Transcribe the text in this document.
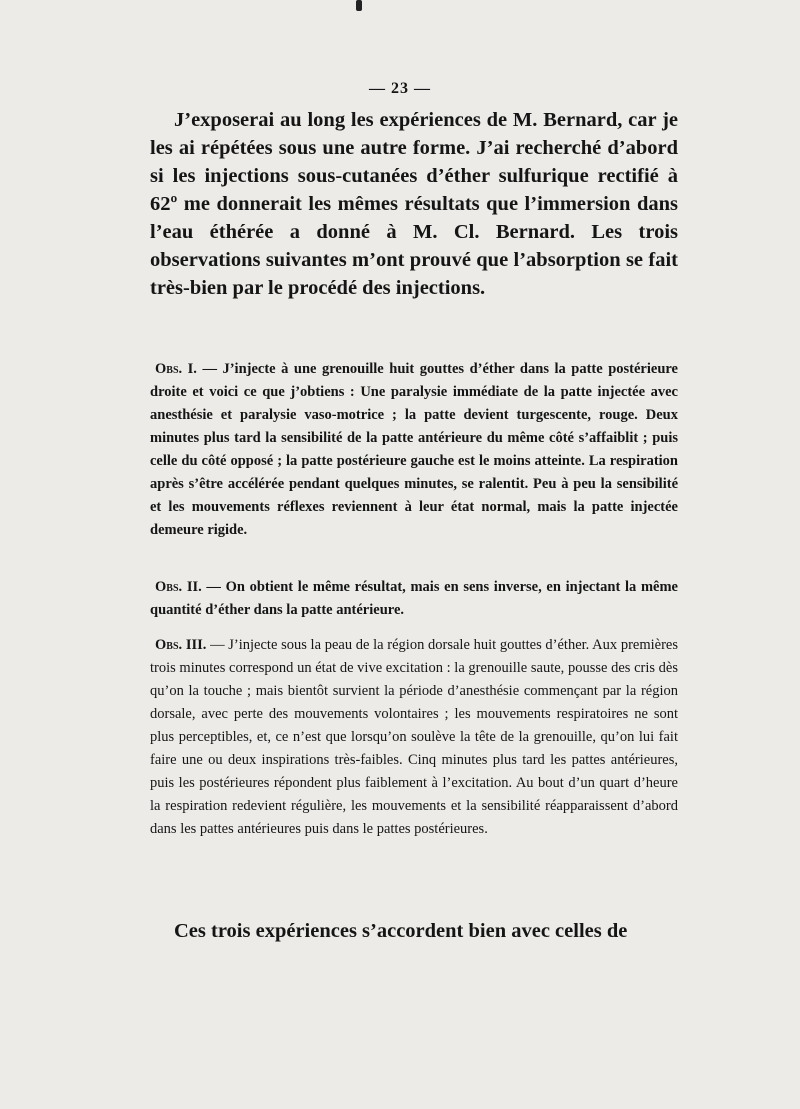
— 23 —

J’exposerai au long les expériences de M. Bernard, car je les ai répétées sous une autre forme. J’ai recherché d’abord si les injections sous-cutanées d’éther sulfurique rectifié à 62º me donnerait les mêmes résultats que l’immersion dans l’eau éthérée a donné à M. Cl. Bernard. Les trois observations suivantes m’ont prouvé que l’absorption se fait très-bien par le procédé des injections.

Obs. I. — J’injecte à une grenouille huit gouttes d’éther dans la patte postérieure droite et voici ce que j’obtiens : Une paralysie immédiate de la patte injectée avec anesthésie et paralysie vaso-motrice ; la patte devient turgescente, rouge. Deux minutes plus tard la sensibilité de la patte antérieure du même côté s’affaiblit ; puis celle du côté opposé ; la patte postérieure gauche est le moins atteinte. La respiration après s’être accélérée pendant quelques minutes, se ralentit. Peu à peu la sensibilité et les mouvements réflexes reviennent à leur état normal, mais la patte injectée demeure rigide.

Obs. II. — On obtient le même résultat, mais en sens inverse, en injectant la même quantité d’éther dans la patte antérieure.

Obs. III. — J’injecte sous la peau de la région dorsale huit gouttes d’éther. Aux premières trois minutes correspond un état de vive excitation : la grenouille saute, pousse des cris dès qu’on la touche ; mais bientôt survient la période d’anesthésie commençant par la région dorsale, avec perte des mouvements volontaires ; les mouvements respiratoires ne sont plus perceptibles, et, ce n’est que lorsqu’on soulève la tête de la grenouille, qu’on lui fait faire une ou deux inspirations très-faibles. Cinq minutes plus tard les pattes antérieures, puis les postérieures répondent plus faiblement à l’excitation. Au bout d’un quart d’heure la respiration redevient régulière, les mouvements et la sensibilité réapparaissent d’abord dans les pattes antérieures puis dans le pattes postérieures.

Ces trois expériences s’accordent bien avec celles de
